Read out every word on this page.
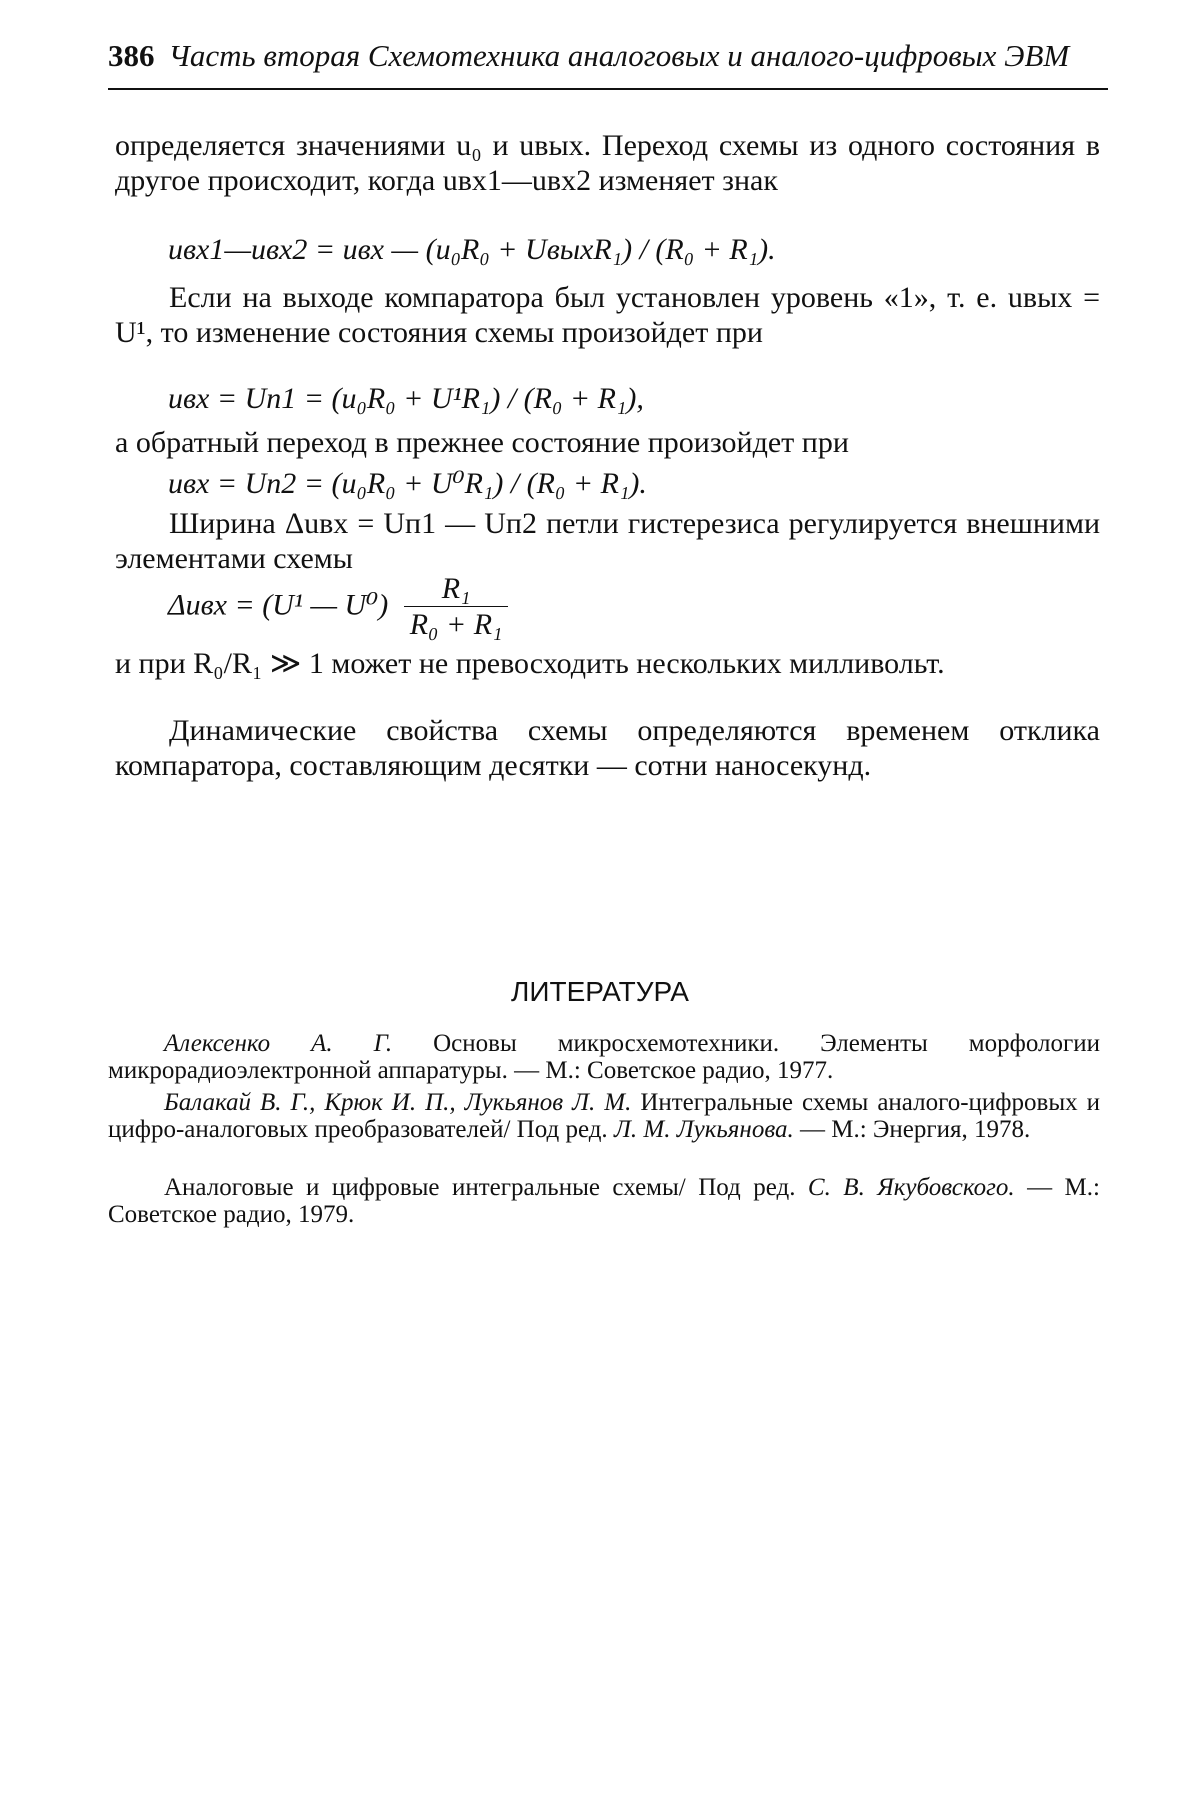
386 Часть вторая Схемотехника аналоговых и аналого-цифровых ЭВМ

определяется значениями u₀ и uвых. Переход схемы из одного состояния в другое происходит, когда uвх1—uвх2 изменяет знак

uвх1—uвх2 = uвх — (u₀R₀ + UвыхR₁) / (R₀ + R₁).

Если на выходе компаратора был установлен уровень «1», т. е. uвых = U¹, то изменение состояния схемы произойдет при

uвх = Uп1 = (u₀R₀ + U¹R₁) / (R₀ + R₁),

а обратный переход в прежнее состояние произойдет при

uвх = Uп2 = (u₀R₀ + U⁰R₁) / (R₀ + R₁).

Ширина Δuвх = Uп1 — Uп2 петли гистерезиса регулируется внешними элементами схемы

Δuвх = (U¹ — $U^0) \frac{\text{R₁}}{\text{R₀ + R₁}}$

и при R₀/R₁ ≫ 1 может не превосходить нескольких милливольт.

Динамические свойства схемы определяются временем отклика компаратора, составляющим десятки — сотни наносекунд.

ЛИТЕРАТУРА

Алексенко А. Г. Основы микросхемотехники. Элементы морфологии микрорадиоэлектронной аппаратуры. — М.: Советское радио, 1977.

Балакай В. Г., Крюк И. П., Лукьянов Л. М. Интегральные схемы аналого-цифровых и цифро-аналоговых преобразователей/ Под ред. Л. М. Лукьянова. — М.: Энергия, 1978.

Аналоговые и цифровые интегральные схемы/ Под ред. С. В. Якубовского. — М.: Советское радио, 1979.
